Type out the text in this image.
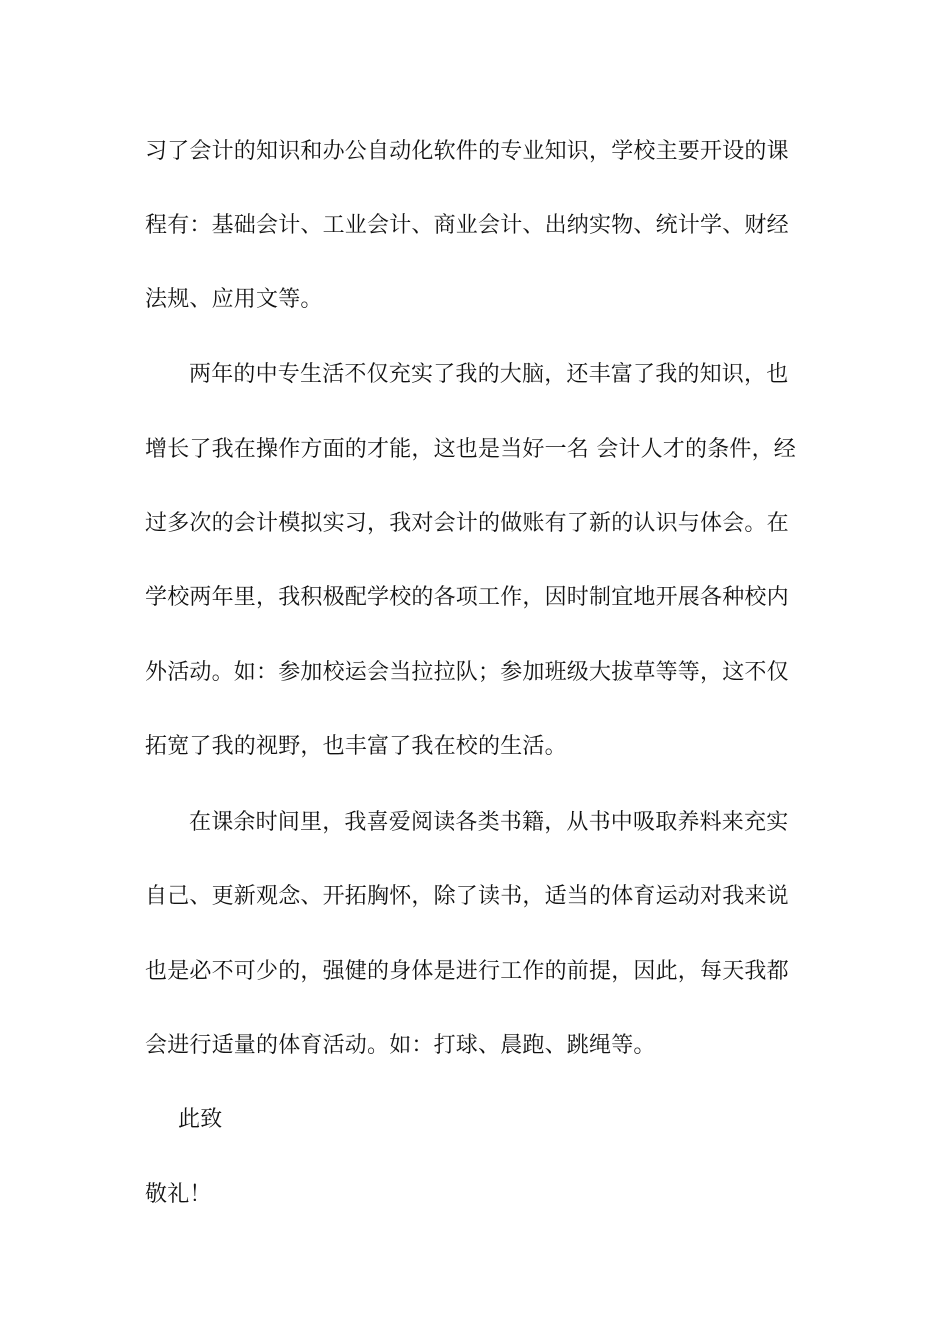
习了会计的知识和办公自动化软件的专业知识，学校主要开设的课
程有：基础会计、工业会计、商业会计、出纳实物、统计学、财经
法规、应用文等。
两年的中专生活不仅充实了我的大脑，还丰富了我的知识，也
增长了我在操作方面的才能，这也是当好一名 会计人才的条件，经
过多次的会计模拟实习，我对会计的做账有了新的认识与体会。在
学校两年里，我积极配学校的各项工作，因时制宜地开展各种校内
外活动。如：参加校运会当拉拉队；参加班级大拔草等等，这不仅
拓宽了我的视野，也丰富了我在校的生活。
在课余时间里，我喜爱阅读各类书籍，从书中吸取养料来充实
自己、更新观念、开拓胸怀，除了读书，适当的体育运动对我来说
也是必不可少的，强健的身体是进行工作的前提，因此，每天我都
会进行适量的体育活动。如：打球、晨跑、跳绳等。
此致
敬礼！
